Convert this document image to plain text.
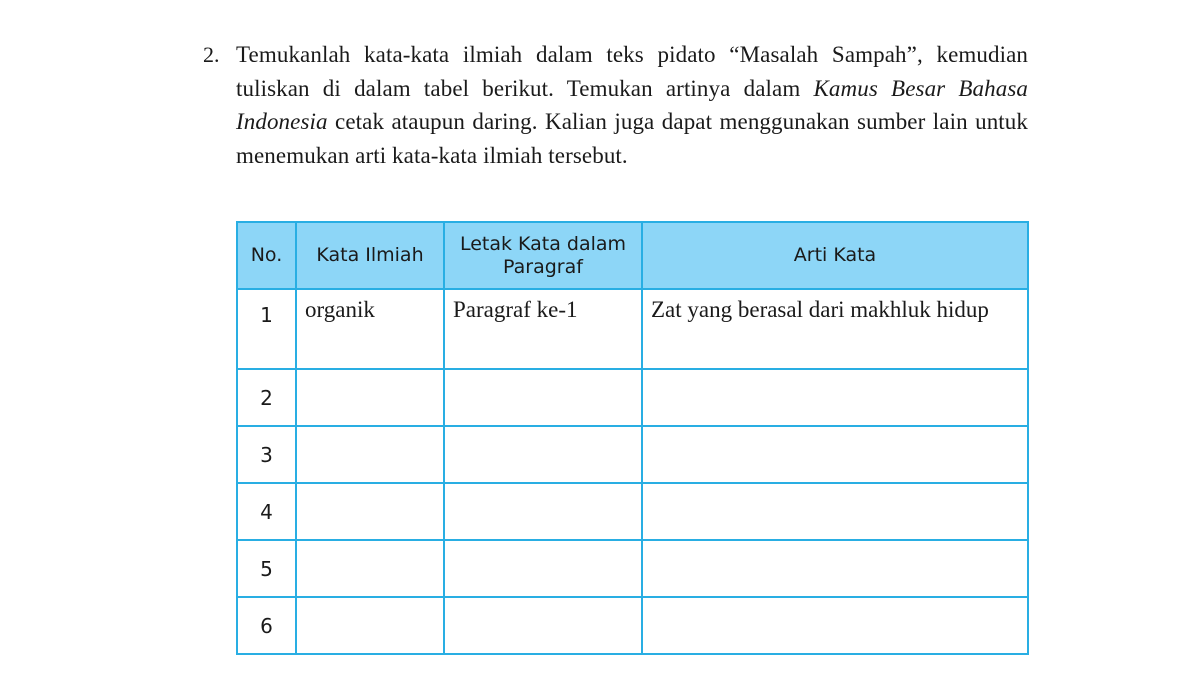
2. Temukanlah kata-kata ilmiah dalam teks pidato “Masalah Sampah”, kemudian tuliskan di dalam tabel berikut. Temukan artinya dalam Kamus Besar Bahasa Indonesia cetak ataupun daring. Kalian juga dapat menggunakan sumber lain untuk menemukan arti kata-kata ilmiah tersebut.

No.	Kata Ilmiah	Letak Kata dalam Paragraf	Arti Kata
1	organik	Paragraf ke-1	Zat yang berasal dari makhluk hidup
2			
3			
4			
5			
6			
